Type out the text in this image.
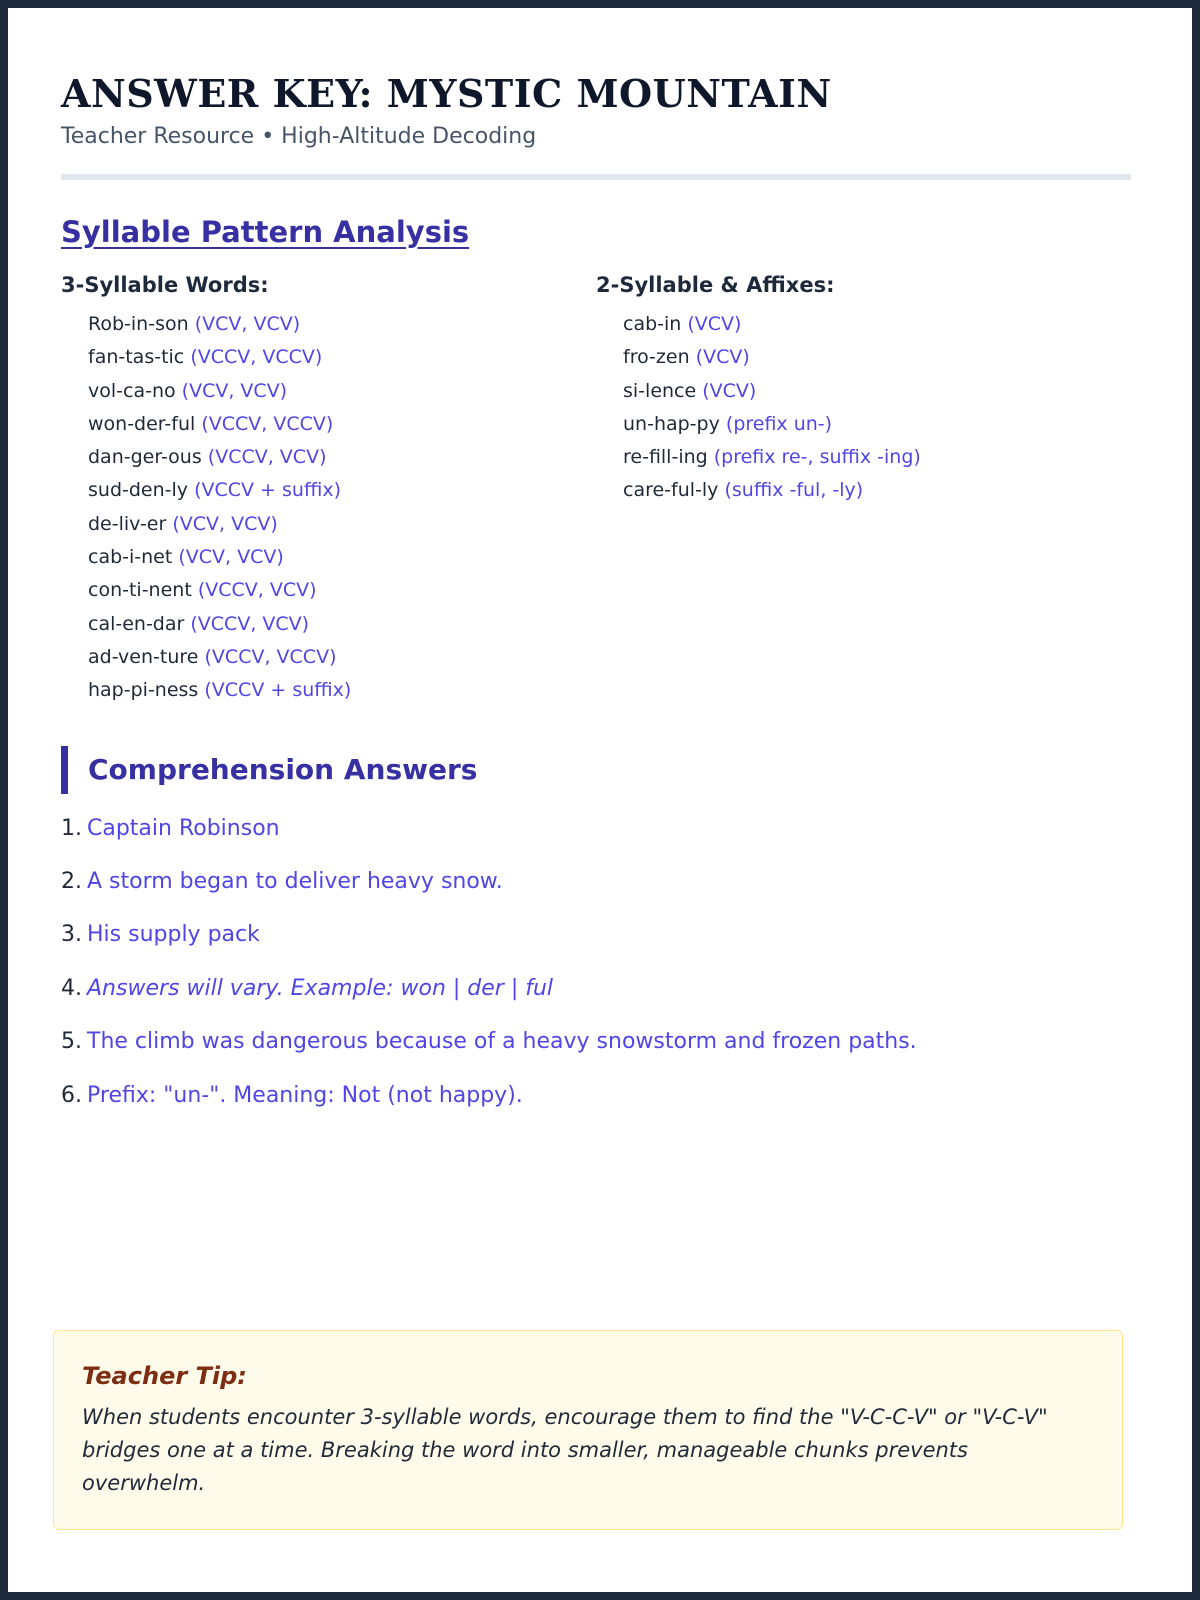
ANSWER KEY: MYSTIC MOUNTAIN
Teacher Resource • High-Altitude Decoding
Syllable Pattern Analysis
3-Syllable Words:
Rob-in-son (VCV, VCV)
fan-tas-tic (VCCV, VCCV)
vol-ca-no (VCV, VCV)
won-der-ful (VCCV, VCCV)
dan-ger-ous (VCCV, VCV)
sud-den-ly (VCCV + suffix)
de-liv-er (VCV, VCV)
cab-i-net (VCV, VCV)
con-ti-nent (VCCV, VCV)
cal-en-dar (VCCV, VCV)
ad-ven-ture (VCCV, VCCV)
hap-pi-ness (VCCV + suffix)
2-Syllable & Affixes:
cab-in (VCV)
fro-zen (VCV)
si-lence (VCV)
un-hap-py (prefix un-)
re-fill-ing (prefix re-, suffix -ing)
care-ful-ly (suffix -ful, -ly)
Comprehension Answers
1. Captain Robinson
2. A storm began to deliver heavy snow.
3. His supply pack
4. Answers will vary. Example: won | der | ful
5. The climb was dangerous because of a heavy snowstorm and frozen paths.
6. Prefix: "un-". Meaning: Not (not happy).
Teacher Tip:
When students encounter 3-syllable words, encourage them to find the "V-C-C-V" or "V-C-V" bridges one at a time. Breaking the word into smaller, manageable chunks prevents overwhelm.
